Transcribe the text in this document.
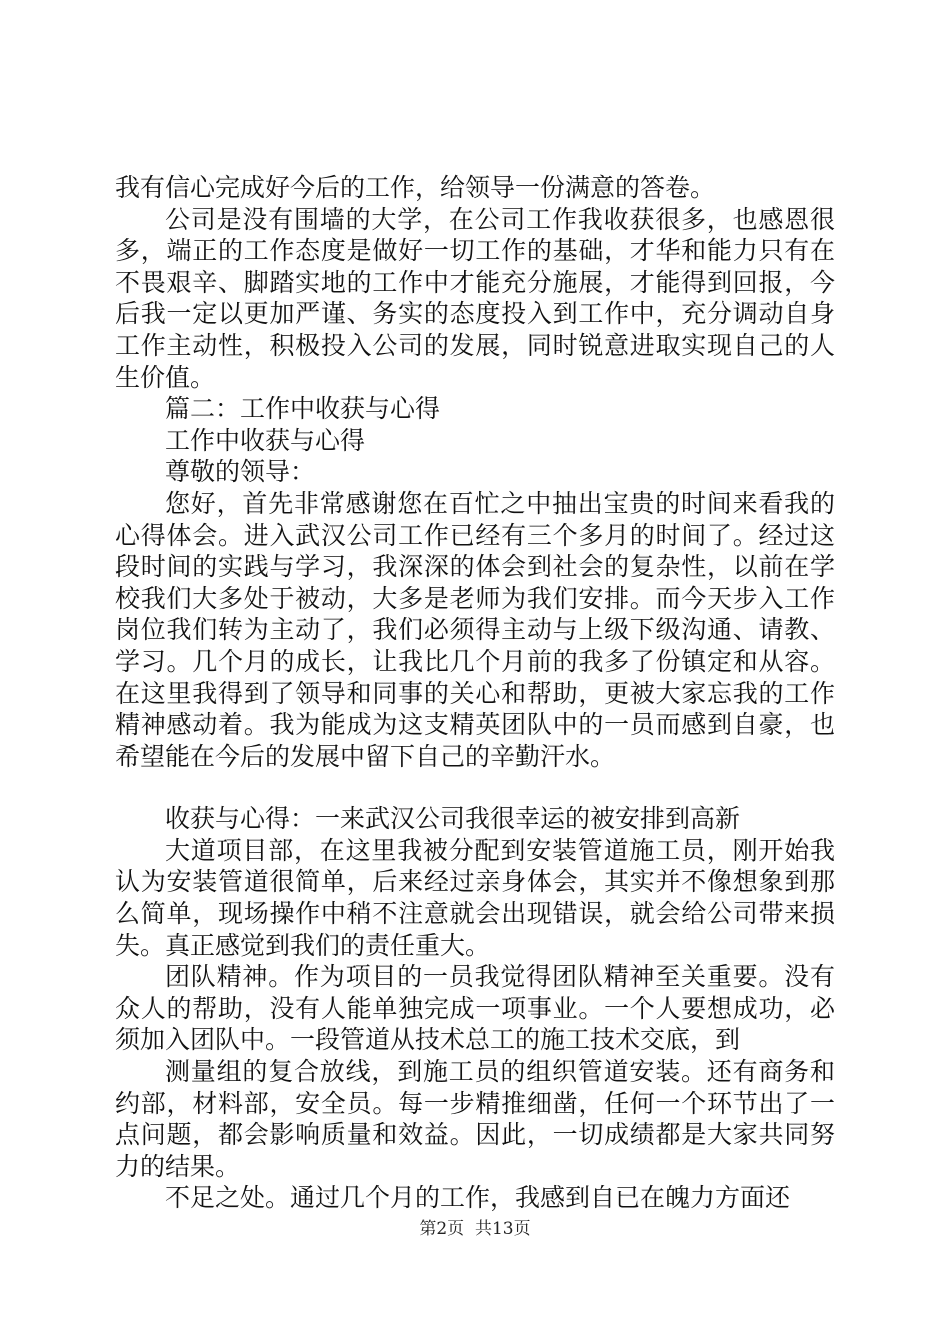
我有信心完成好今后的工作，给领导一份满意的答卷。

公司是没有围墙的大学，在公司工作我收获很多，也感恩很多，端正的工作态度是做好一切工作的基础，才华和能力只有在不畏艰辛、脚踏实地的工作中才能充分施展，才能得到回报，今后我一定以更加严谨、务实的态度投入到工作中，充分调动自身工作主动性，积极投入公司的发展，同时锐意进取实现自己的人生价值。

篇二：工作中收获与心得

工作中收获与心得

尊敬的领导：

您好，首先非常感谢您在百忙之中抽出宝贵的时间来看我的心得体会。进入武汉公司工作已经有三个多月的时间了。经过这段时间的实践与学习，我深深的体会到社会的复杂性，以前在学校我们大多处于被动，大多是老师为我们安排。而今天步入工作岗位我们转为主动了，我们必须得主动与上级下级沟通、请教、学习。几个月的成长，让我比几个月前的我多了份镇定和从容。在这里我得到了领导和同事的关心和帮助，更被大家忘我的工作精神感动着。我为能成为这支精英团队中的一员而感到自豪，也希望能在今后的发展中留下自己的辛勤汗水。

收获与心得：一来武汉公司我很幸运的被安排到高新

大道项目部，在这里我被分配到安装管道施工员，刚开始我认为安装管道很简单，后来经过亲身体会，其实并不像想象到那么简单，现场操作中稍不注意就会出现错误，就会给公司带来损失。真正感觉到我们的责任重大。

团队精神。作为项目的一员我觉得团队精神至关重要。没有众人的帮助，没有人能单独完成一项事业。一个人要想成功，必须加入团队中。一段管道从技术总工的施工技术交底，到

测量组的复合放线，到施工员的组织管道安装。还有商务和约部，材料部，安全员。每一步精推细凿，任何一个环节出了一点问题，都会影响质量和效益。因此，一切成绩都是大家共同努力的结果。

不足之处。通过几个月的工作，我感到自已在魄力方面还

第2页  共13页
